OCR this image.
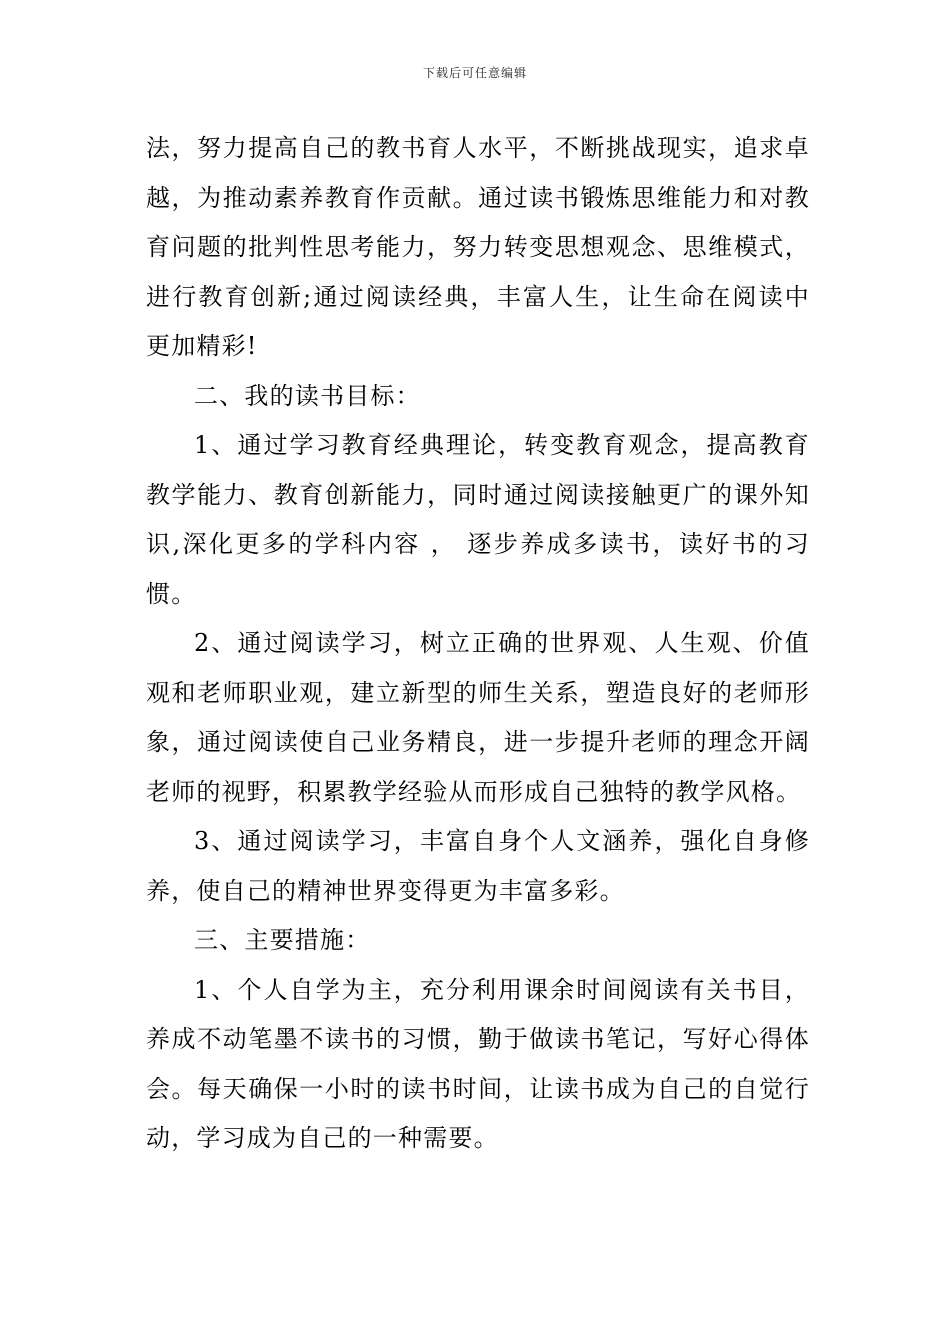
下载后可任意编辑

法，努力提高自己的教书育人水平，不断挑战现实，追求卓越，为推动素养教育作贡献。通过读书锻炼思维能力和对教育问题的批判性思考能力，努力转变思想观念、思维模式，进行教育创新;通过阅读经典，丰富人生，让生命在阅读中更加精彩!

二、我的读书目标：

1、通过学习教育经典理论，转变教育观念，提高教育教学能力、教育创新能力，同时通过阅读接触更广的课外知识,深化更多的学科内容 ， 逐步养成多读书，读好书的习惯。

2、通过阅读学习，树立正确的世界观、人生观、价值观和老师职业观，建立新型的师生关系，塑造良好的老师形象，通过阅读使自己业务精良，进一步提升老师的理念开阔老师的视野，积累教学经验从而形成自己独特的教学风格。

3、通过阅读学习，丰富自身个人文涵养，强化自身修养，使自己的精神世界变得更为丰富多彩。

三、主要措施：

1、个人自学为主，充分利用课余时间阅读有关书目，养成不动笔墨不读书的习惯，勤于做读书笔记，写好心得体会。每天确保一小时的读书时间，让读书成为自己的自觉行动，学习成为自己的一种需要。
